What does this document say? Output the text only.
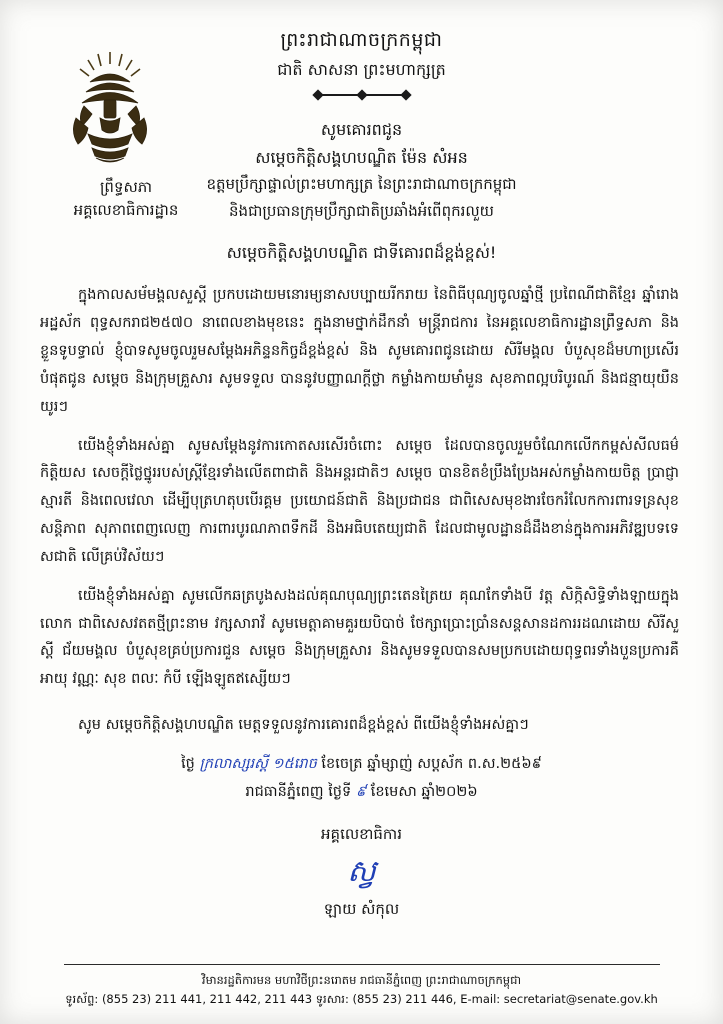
ព្រះរាជាណាចក្រកម្ពុជា
ជាតិ សាសនា ព្រះមហាក្សត្រ
ព្រឹទ្ធសភា
អគ្គលេខាធិការដ្ឋាន
សូមគោរពជូន
សម្តេចកិត្តិសង្គហបណ្ឌិត ម៉ែន សំអន
ឧត្តមប្រឹក្សាផ្ទាល់ព្រះមហាក្សត្រ នៃព្រះរាជាណាចក្រកម្ពុជា
និងជាប្រធានក្រុមប្រឹក្សាជាតិប្រឆាំងអំពើពុករលួយ
សម្តេចកិត្តិសង្គហបណ្ឌិត ជាទីគោរពដ៏ខ្ពង់ខ្ពស់!

ក្នុងកាលសម័មង្គលសួស្តី ប្រកបដោយមនោរម្យនាសបប្បាយរីករាយ នៃពិធីបុណ្យចូលឆ្នាំថ្មី ប្រពៃណីជាតិខ្មែរ ឆ្នាំរោង អដ្ឋស័ក ពុទ្ធសករាជ២៥៧០ នាពេលខាងមុខនេះ ក្នុងនាមថ្នាក់ដឹកនាំ មន្ត្រីរាជការ នៃអគ្គលេខាធិការដ្ឋានព្រឹទ្ធសភា និងខ្លួនទូបទ្ធាល់ ខ្ញុំបាទសូមចូលរួមសម្តែងអភិន្ទនកិច្ចដ៏ខ្ពង់ខ្ពស់ និង សូមគោរពជូនដោយ សិរីមង្គល បំបួសុខដ៏មហាប្រសើរបំផុតជូន សម្តេច និងក្រុមគ្រួសារ សូមទទួល បាននូវបញ្ញាណក្ដីថ្លា កម្លាំងកាយមាំមួន សុខភាពល្អបរិបូរណ៍ និងជន្មាយុយឺនយូរៗ

យើងខ្ញុំទាំងអស់គ្នា សូមសម្តែងនូវការកោតសរសើរចំពោះ សម្តេច ដែលបានចូលរួមចំណែកលើកកម្ពស់សីលធម៌ កិត្តិយស សេចក្តីថ្លៃថ្នូររបស់ស្ត្រីខ្មែរទាំងលើតពាជាតិ និងអន្តរជាតិៗ សម្តេច បានខិតខំប្រឹងប្រែងអស់កម្លាំងកាយចិត្ត ប្រាជ្ញាស្មារតី និងពេលវេលា ដើម្បីបុត្រហតុបបើរគ្គម ប្រយោជន៍ជាតិ និងប្រជាជន ជាពិសេសមុខងារចែករំលែកការពារទន្រសុខសន្តិភាព សុភាពពេញលេញ ការពារបូរណភាពទឹកដី និងអធិបតេយ្យជាតិ ដែលជាមូលដ្ឋានដ៏ដឹងខាន់ក្នុងការអភិវឌ្ឍបទទេសជាតិ លើគ្រប់វិស័យៗ

យើងខ្ញុំទាំងអស់គ្នា សូមលើកឆត្របូងសងដល់គុណបុណ្យព្រះតេនត្រៃយ គុណកែទាំងបី វត្ត សិក្កិសិទ្ធិទាំងឡាយក្នុងលោក ជាពិសេសវតតថ្មីព្រះនាម វក្សសារាវ័ សូមមេត្តាគាមគួរយបិបាថ់ ថែក្សាប្រោះប្រាំនសន្តសានដការរដណដោយ សិរីសួស្តី ជ័យមង្គល បំបួសុខគ្រប់ប្រការជួន សម្តេច និងក្រុមគ្រួសារ និងសូមទទួលបានសមប្រកបដោយពុទ្ធពរទាំងបួនប្រការគឺ អាយុ វណ្ណៈ សុខ ពលៈ កំបី ឡើងឡូតឥស្សើយៗ

សូម សម្តេចកិត្តិសង្គហបណ្ឌិត មេត្តទទួលនូវការគោរពដ៏ខ្ពង់ខ្ពស់ ពីយើងខ្ញុំទាំងអស់គ្នាៗ
ថ្ងៃ ក្រលាស្សរស្តី ១៥រោច ខែចេត្រ ឆ្នាំម្សាញ់ សប្តស័ក ព.ស.២៥៦៩
រាជធានីភ្នំពេញ ថ្ងៃទី ៩ ខែមេសា ឆ្នាំ២០២៦
អគ្គលេខាធិការ
ស្វ
ឡាយ សំកុល
វិមានរដ្ឋតិការមន មហាវិថីព្រះនរោតម រាជធានីភ្នំពេញ ព្រះរាជាណាចក្រកម្ពុជា
ទូរស័ព្ទ: (855 23) 211 441, 211 442, 211 443 ទូរសារ: (855 23) 211 446, E-mail: secretariat@senate.gov.kh
